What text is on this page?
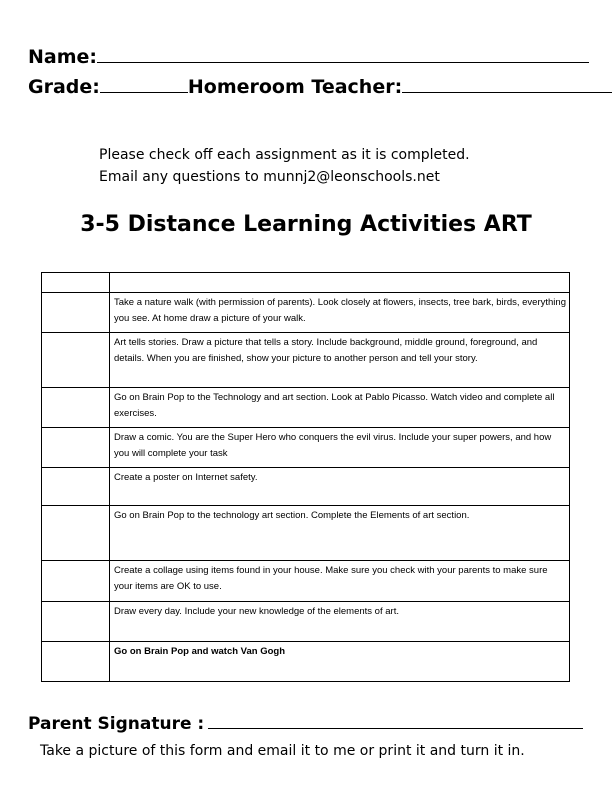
Name:
Grade:	Homeroom Teacher:
Please check off each assignment as it is completed.
Email any questions to munnj2@leonschools.net
3-5 Distance Learning Activities ART

	Take a nature walk (with permission of parents). Look closely at flowers, insects, tree bark, birds, everything you see. At home draw a picture of your walk.
	Art tells stories. Draw a picture that tells a story. Include background, middle ground, foreground, and details. When you are finished, show your picture to another person and tell your story.
	Go on Brain Pop to the Technology and art section. Look at Pablo Picasso. Watch video and complete all exercises.
	Draw a comic. You are the Super Hero who conquers the evil virus. Include your super powers, and how you will complete your task
	Create a poster on Internet safety.
	Go on Brain Pop to the technology art section. Complete the Elements of art section.
	Create a collage using items found in your house. Make sure you check with your parents to make sure your items are OK to use.
	Draw every day. Include your new knowledge of the elements of art.
	Go on Brain Pop and watch Van Gogh
Parent Signature :
Take a picture of this form and email it to me or print it and turn it in.
